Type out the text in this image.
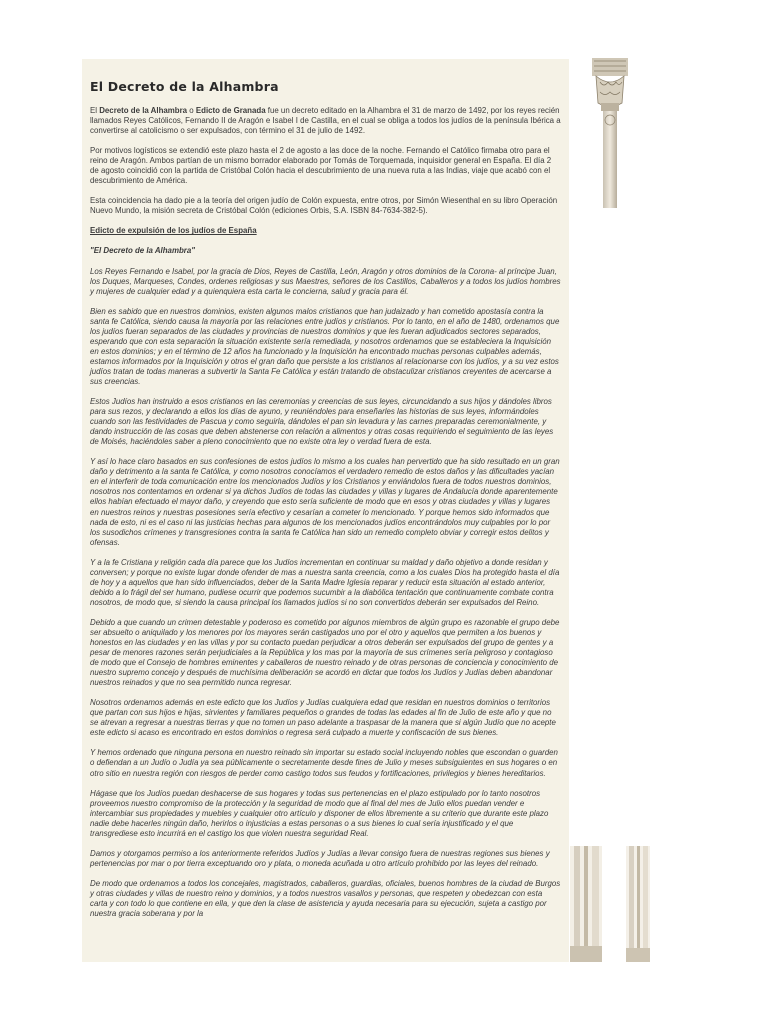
El Decreto de la Alhambra

El Decreto de la Alhambra o Edicto de Granada fue un decreto editado en la Alhambra el 31 de marzo de 1492, por los reyes recién llamados Reyes Católicos, Fernando II de Aragón e Isabel I de Castilla, en el cual se obliga a todos los judíos de la península Ibérica a convertirse al catolicismo o ser expulsados, con término el 31 de julio de 1492.

Por motivos logísticos se extendió este plazo hasta el 2 de agosto a las doce de la noche. Fernando el Católico firmaba otro para el reino de Aragón. Ambos partían de un mismo borrador elaborado por Tomás de Torquemada, inquisidor general en España. El día 2 de agosto coincidió con la partida de Cristóbal Colón hacia el descubrimiento de una nueva ruta a las Indias, viaje que acabó con el descubrimiento de América.

Esta coincidencia ha dado pie a la teoría del origen judío de Colón expuesta, entre otros, por Simón Wiesenthal en su libro Operación Nuevo Mundo, la misión secreta de Cristóbal Colón (ediciones Orbis, S.A. ISBN 84-7634-382-5).

Edicto de expulsión de los judíos de España

"El Decreto de la Alhambra"

Los Reyes Fernando e Isabel, por la gracia de Dios, Reyes de Castilla, León, Aragón y otros dominios de la Corona- al príncipe Juan, los Duques, Marqueses, Condes, ordenes religiosas y sus Maestres, señores de los Castillos, Caballeros y a todos los judíos hombres y mujeres de cualquier edad y a quienquiera esta carta le concierna, salud y gracia para él.

Bien es sabido que en nuestros dominios, existen algunos malos cristianos que han judaizado y han cometido apostasía contra la santa fe Católica, siendo causa la mayoría por las relaciones entre judíos y cristianos. Por lo tanto, en el año de 1480, ordenamos que los judíos fueran separados de las ciudades y provincias de nuestros dominios y que les fueran adjudicados sectores separados, esperando que con esta separación la situación existente sería remediada, y nosotros ordenamos que se estableciera la Inquisición en estos dominios; y en el término de 12 años ha funcionado y la Inquisición ha encontrado muchas personas culpables además, estamos informados por la Inquisición y otros el gran daño que persiste a los cristianos al relacionarse con los judíos, y a su vez estos judíos tratan de todas maneras a subvertir la Santa Fe Católica y están tratando de obstaculizar cristianos creyentes de acercarse a sus creencias.

Estos Judíos han instruido a esos cristianos en las ceremonias y creencias de sus leyes, circuncidando a sus hijos y dándoles libros para sus rezos, y declarando a ellos los días de ayuno, y reuniéndoles para enseñarles las historias de sus leyes, informándoles cuando son las festividades de Pascua y como seguirla, dándoles el pan sin levadura y las carnes preparadas ceremonialmente, y dando instrucción de las cosas que deben abstenerse con relación a alimentos y otras cosas requiriendo el seguimiento de las leyes de Moisés, haciéndoles saber a pleno conocimiento que no existe otra ley o verdad fuera de esta.

Y así lo hace claro basados en sus confesiones de estos judíos lo mismo a los cuales han pervertido que ha sido resultado en un gran daño y detrimento a la santa fe Católica, y como nosotros conocíamos el verdadero remedio de estos daños y las dificultades yacían en el interferir de toda comunicación entre los mencionados Judíos y los Cristianos y enviándolos fuera de todos nuestros dominios, nosotros nos contentamos en ordenar si ya dichos Judíos de todas las ciudades y villas y lugares de Andalucía donde aparentemente ellos habían efectuado el mayor daño, y creyendo que esto sería suficiente de modo que en esos y otras ciudades y villas y lugares en nuestros reinos y nuestras posesiones sería efectivo y cesarían a cometer lo mencionado. Y porque hemos sido informados que nada de esto, ni es el caso ni las justicias hechas para algunos de los mencionados judíos encontrándolos muy culpables por lo por los susodichos crímenes y transgresiones contra la santa fe Católica han sido un remedio completo obviar y corregir estos delitos y ofensas.

Y a la fe Cristiana y religión cada día parece que los Judíos incrementan en continuar su maldad y daño objetivo a donde residan y conversen; y porque no existe lugar donde ofender de mas a nuestra santa creencia, como a los cuales Dios ha protegido hasta el día de hoy y a aquellos que han sido influenciados, deber de la Santa Madre Iglesia reparar y reducir esta situación al estado anterior, debido a lo frágil del ser humano, pudiese ocurrir que podemos sucumbir a la diabólica tentación que continuamente combate contra nosotros, de modo que, si siendo la causa principal los llamados judíos si no son convertidos deberán ser expulsados del Reino.

Debido a que cuando un crimen detestable y poderoso es cometido por algunos miembros de algún grupo es razonable el grupo debe ser absuelto o aniquilado y los menores por los mayores serán castigados uno por el otro y aquellos que permiten a los buenos y honestos en las ciudades y en las villas y por su contacto puedan perjudicar a otros deberán ser expulsados del grupo de gentes y a pesar de menores razones serán perjudiciales a la República y los mas por la mayoría de sus crímenes sería peligroso y contagioso de modo que el Consejo de hombres eminentes y caballeros de nuestro reinado y de otras personas de conciencia y conocimiento de nuestro supremo concejo y después de muchísima deliberación se acordó en dictar que todos los Judíos y Judías deben abandonar nuestros reinados y que no sea permitido nunca regresar.

Nosotros ordenamos además en este edicto que los Judíos y Judías cualquiera edad que residan en nuestros dominios o territorios que partan con sus hijos e hijas, sirvientes y familiares pequeños o grandes de todas las edades al fin de Julio de este año y que no se atrevan a regresar a nuestras tierras y que no tomen un paso adelante a traspasar de la manera que si algún Judío que no acepte este edicto si acaso es encontrado en estos dominios o regresa será culpado a muerte y confiscación de sus bienes.

Y hemos ordenado que ninguna persona en nuestro reinado sin importar su estado social incluyendo nobles que escondan o guarden o defiendan a un Judío o Judía ya sea públicamente o secretamente desde fines de Julio y meses subsiguientes en sus hogares o en otro sitio en nuestra región con riesgos de perder como castigo todos sus feudos y fortificaciones, privilegios y bienes hereditarios.

Hágase que los Judíos puedan deshacerse de sus hogares y todas sus pertenencias en el plazo estipulado por lo tanto nosotros proveemos nuestro compromiso de la protección y la seguridad de modo que al final del mes de Julio ellos puedan vender e intercambiar sus propiedades y muebles y cualquier otro artículo y disponer de ellos libremente a su criterio que durante este plazo nadie debe hacerles ningún daño, herirlos o injusticias a estas personas o a sus bienes lo cual sería injustificado y el que transgrediese esto incurrirá en el castigo los que violen nuestra seguridad Real.

Damos y otorgamos permiso a los anteriormente referidos Judíos y Judías a llevar consigo fuera de nuestras regiones sus bienes y pertenencias por mar o por tierra exceptuando oro y plata, o moneda acuñada u otro artículo prohibido por las leyes del reinado.

De modo que ordenamos a todos los concejales, magistrados, caballeros, guardias, oficiales, buenos hombres de la ciudad de Burgos y otras ciudades y villas de nuestro reino y dominios, y a todos nuestros vasallos y personas, que respeten y obedezcan con esta carta y con todo lo que contiene en ella, y que den la clase de asistencia y ayuda necesaria para su ejecución, sujeta a castigo por nuestra gracia soberana y por la
